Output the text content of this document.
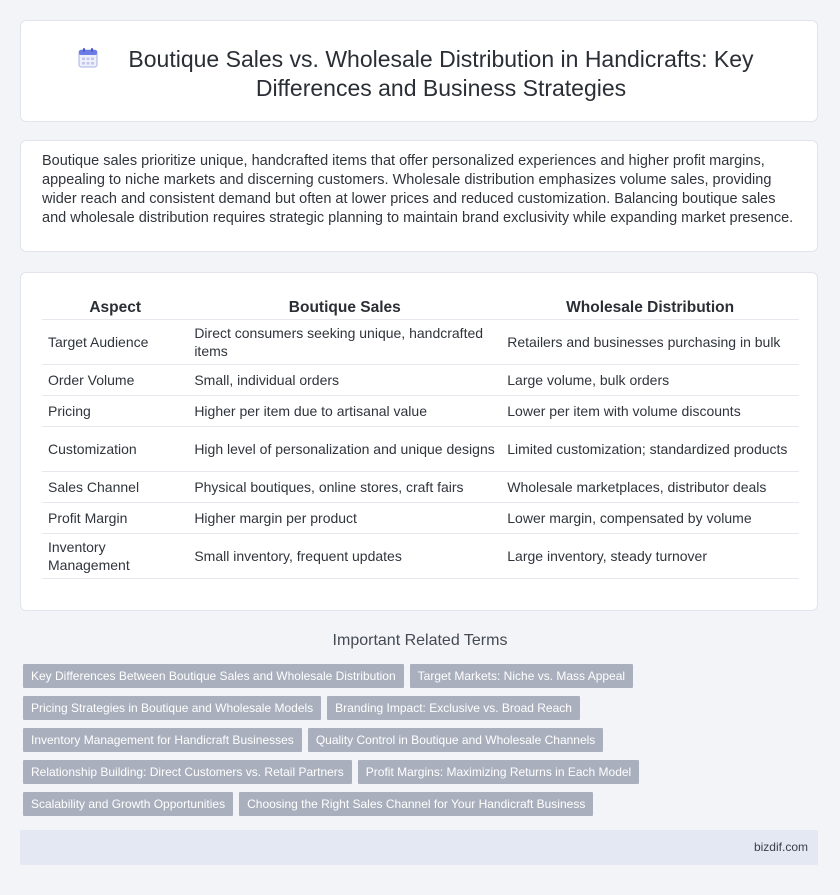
Boutique Sales vs. Wholesale Distribution in Handicrafts: Key Differences and Business Strategies

Boutique sales prioritize unique, handcrafted items that offer personalized experiences and higher profit margins, appealing to niche markets and discerning customers. Wholesale distribution emphasizes volume sales, providing wider reach and consistent demand but often at lower prices and reduced customization. Balancing boutique sales and wholesale distribution requires strategic planning to maintain brand exclusivity while expanding market presence.

Aspect	Boutique Sales	Wholesale Distribution
Target Audience	Direct consumers seeking unique, handcrafted items	Retailers and businesses purchasing in bulk
Order Volume	Small, individual orders	Large volume, bulk orders
Pricing	Higher per item due to artisanal value	Lower per item with volume discounts
Customization	High level of personalization and unique designs	Limited customization; standardized products
Sales Channel	Physical boutiques, online stores, craft fairs	Wholesale marketplaces, distributor deals
Profit Margin	Higher margin per product	Lower margin, compensated by volume
Inventory Management	Small inventory, frequent updates	Large inventory, steady turnover
Important Related Terms
Key Differences Between Boutique Sales and Wholesale Distribution	Target Markets: Niche vs. Mass Appeal
Pricing Strategies in Boutique and Wholesale Models	Branding Impact: Exclusive vs. Broad Reach
Inventory Management for Handicraft Businesses	Quality Control in Boutique and Wholesale Channels
Relationship Building: Direct Customers vs. Retail Partners	Profit Margins: Maximizing Returns in Each Model
Scalability and Growth Opportunities	Choosing the Right Sales Channel for Your Handicraft Business
bizdif.com
